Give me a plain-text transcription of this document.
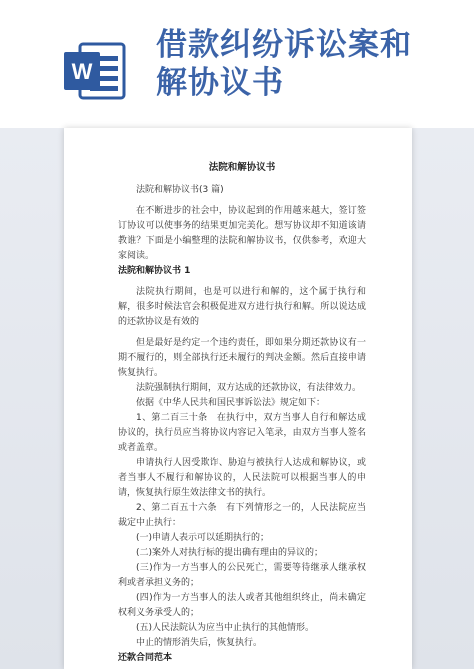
W
借款纠纷诉讼案和
解协议书
法院和解协议书

法院和解协议书(3 篇)

在不断进步的社会中，协议起到的作用越来越大，签订签订协议可以使事务的结果更加完美化。想写协议却不知道该请教谁？下面是小编整理的法院和解协议书，仅供参考，欢迎大家阅读。

法院和解协议书 1

法院执行期间，也是可以进行和解的，这个属于执行和解，很多时候法官会积极促进双方进行执行和解。所以说达成的还款协议是有效的

但是最好是约定一个违约责任，即如果分期还款协议有一期不履行的，则全部执行还未履行的判决金额。然后直接申请恢复执行。

法院强制执行期间，双方达成的还款协议，有法律效力。

依据《中华人民共和国民事诉讼法》规定如下：

1、第二百三十条　在执行中，双方当事人自行和解达成协议的，执行员应当将协议内容记入笔录，由双方当事人签名或者盖章。

申请执行人因受欺诈、胁迫与被执行人达成和解协议，或者当事人不履行和解协议的，人民法院可以根据当事人的申请，恢复执行原生效法律文书的执行。

2、第二百五十六条　有下列情形之一的，人民法院应当裁定中止执行：

(一)申请人表示可以延期执行的；

(二)案外人对执行标的提出确有理由的异议的；

(三)作为一方当事人的公民死亡，需要等待继承人继承权利或者承担义务的；

(四)作为一方当事人的法人或者其他组织终止，尚未确定权利义务承受人的；

(五)人民法院认为应当中止执行的其他情形。

中止的情形消失后，恢复执行。

还款合同范本
